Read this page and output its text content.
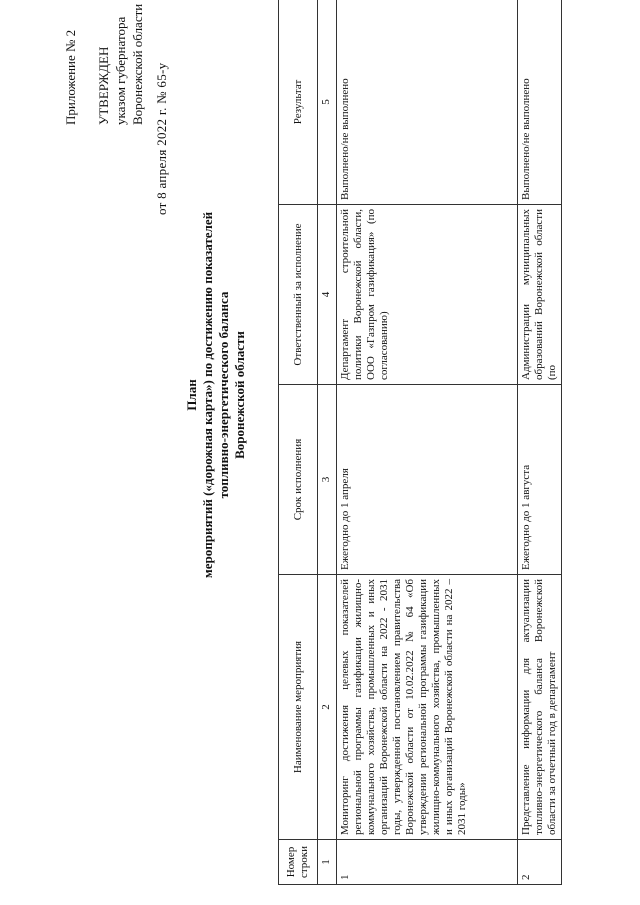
Приложение № 2 УТВЕРЖДЕН указом губернатора Воронежской области от 8 апреля 2022 г. № 65-у
План мероприятий («дорожная карта») по достижению показателей топливно-энергетического баланса Воронежской области
Номер строки	Наименование мероприятия	Срок исполнения	Ответственный за исполнение	Результат
1	2	3	4	5
1	Мониторинг достижения целевых показателей региональной программы газификации жилищно-коммунального хозяйства, промышленных и иных организаций Воронежской области на 2022 - 2031 годы, утвержденной постановлением правительства Воронежской области от 10.02.2022 № 64 «Об утверждении региональной программы газификации жилищно-коммунального хозяйства, промышленных и иных организаций Воронежской области на 2022 – 2031 годы»	Ежегодно до 1 апреля	Департамент строительной политики Воронежской области, ООО «Газпром газификация» (по согласованию)	Выполнено/не выполнено
2	Представление информации для актуализации топливно-энергетического баланса Воронежской области за отчетный год в департамент	Ежегодно до 1 августа	Администрации муниципальных образований Воронежской области (по	Выполнено/не выполнено
